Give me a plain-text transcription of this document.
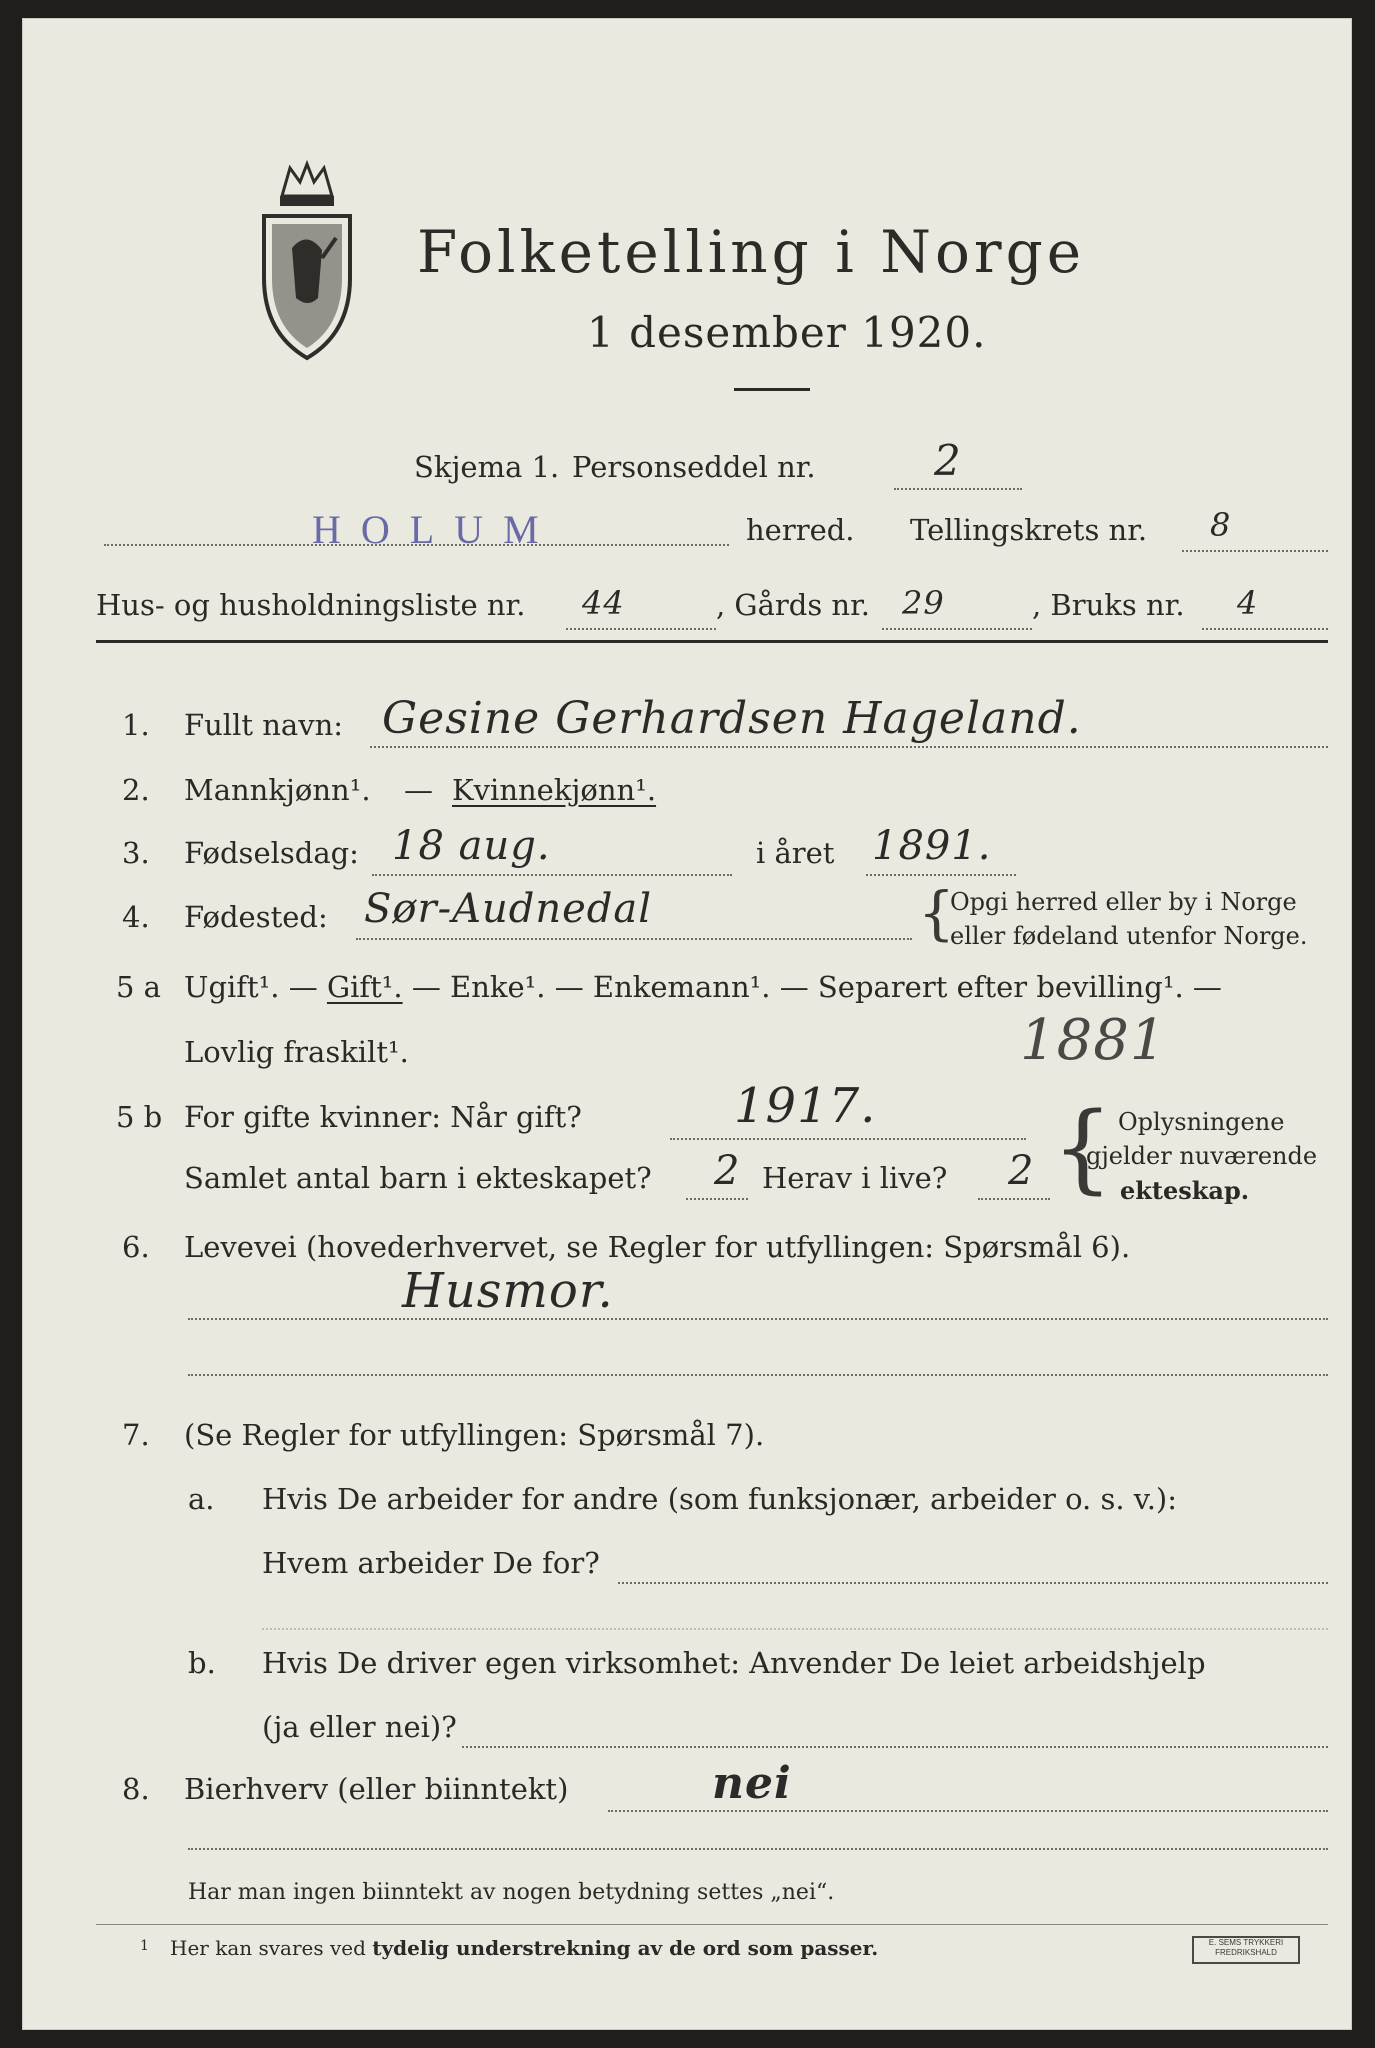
Folketelling i Norge
1 desember 1920.
Skjema 1. Personseddel nr.	2
HOLUM	herred. Tellingskrets nr. 8
Hus- og husholdningsliste nr. 44	, Gårds nr. 29	, Bruks nr. 4
1. Fullt navn: Gesine Gerhardsen Hageland.
2. Mannkjønn¹. — Kvinnekjønn¹.
3. Fødselsdag: 18 aug.	i året 1891.
4. Fødested: Sør-Audnedal	{
Opgi herred eller by i Norge
eller fødeland utenfor Norge.
5 a Ugift¹. — Gift¹. — Enke¹. — Enkemann¹. — Separert efter bevilling¹. —
Lovlig fraskilt¹.	1881
5 b For gifte kvinner: Når gift?	1917.
Samlet antal barn i ekteskapet? 2 Herav i live? 2 { Oplysningene
gjelder nuværende
ekteskap.
6. Levevei (hovederhvervet, se Regler for utfyllingen: Spørsmål 6).
Husmor.
7. (Se Regler for utfyllingen: Spørsmål 7).
a. Hvis De arbeider for andre (som funksjonær, arbeider o. s. v.):
Hvem arbeider De for?
b. Hvis De driver egen virksomhet: Anvender De leiet arbeidshjelp
(ja eller nei)?
8. Bierhverv (eller biinntekt)	nei
Har man ingen biinntekt av nogen betydning settes „nei“.
1 Her kan svares ved tydelig understrekning av de ord som passer.	E. SEMS TRYKKERI
FREDRIKSHALD
